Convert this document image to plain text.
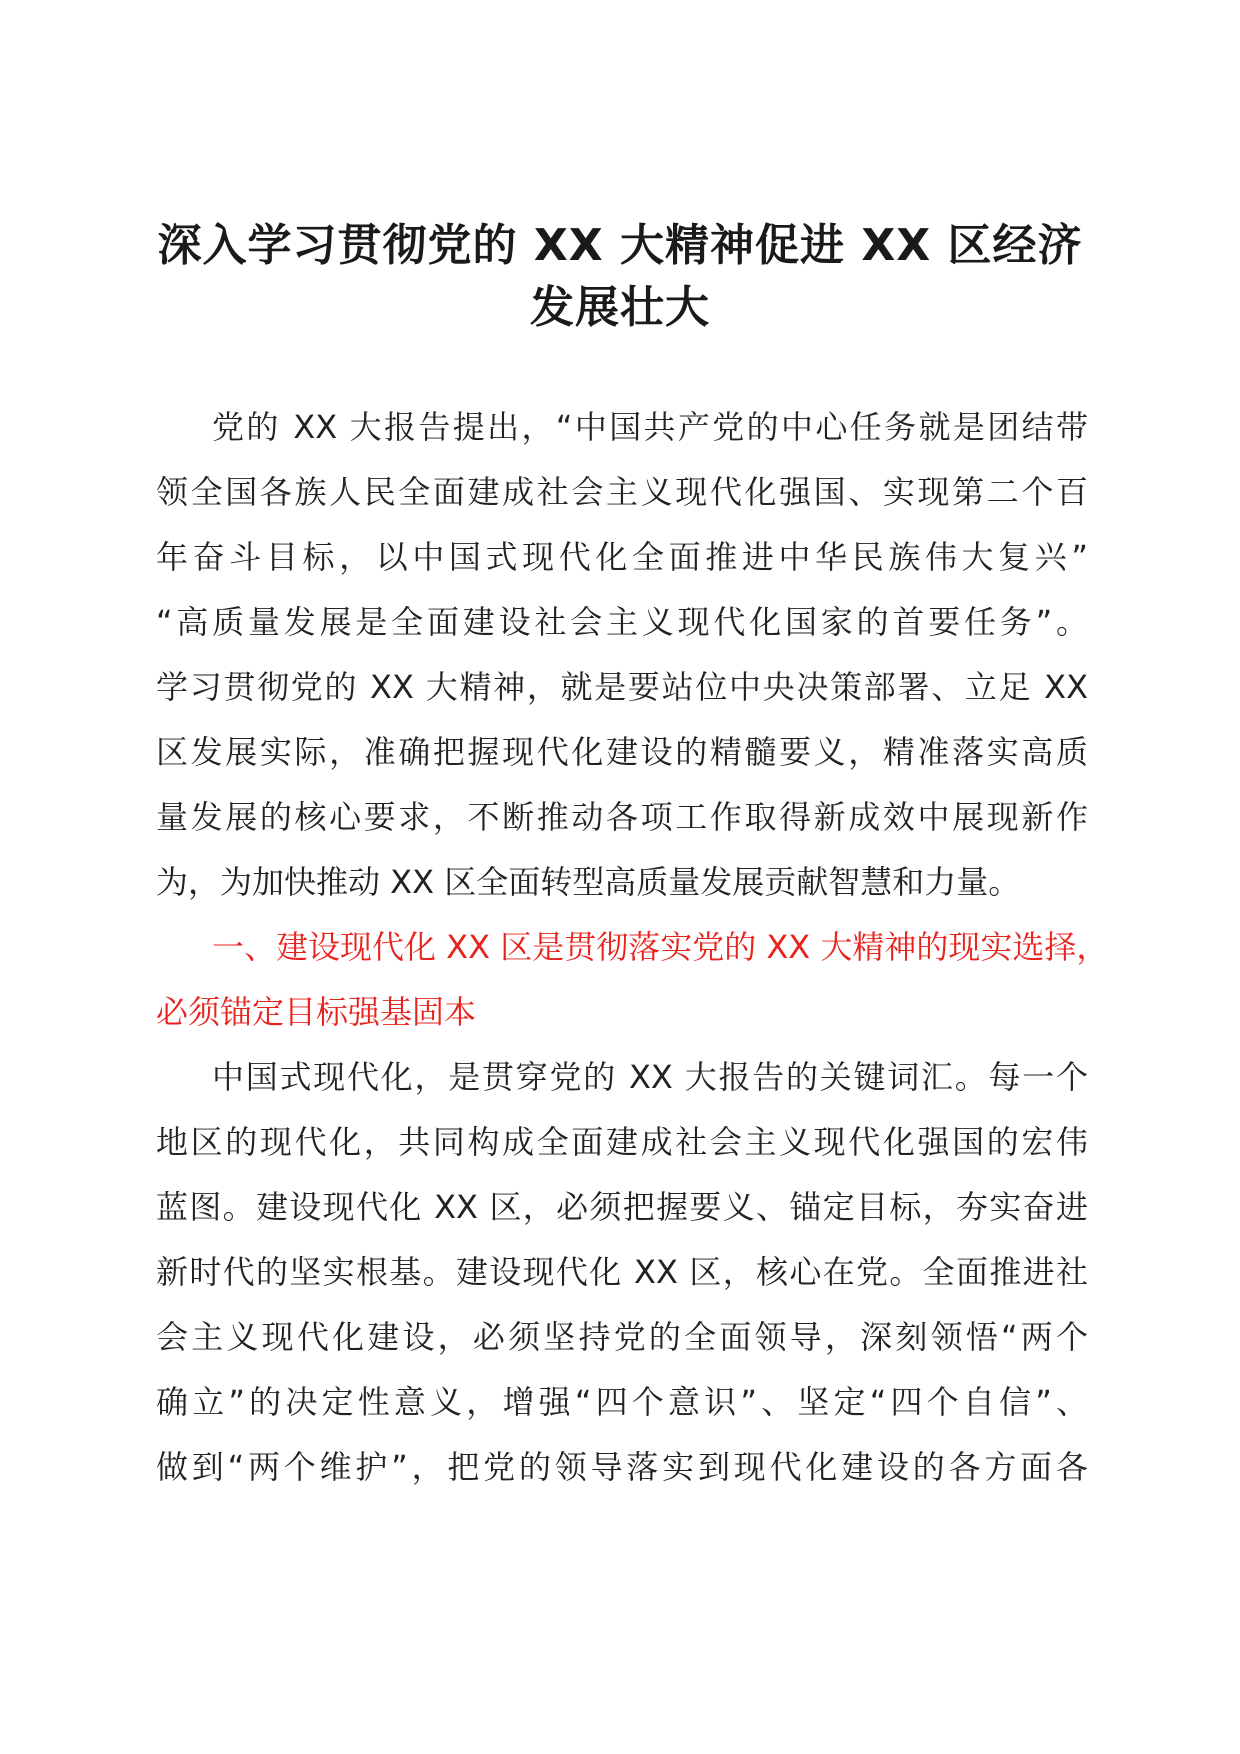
深入学习贯彻党的 XX 大精神促进 XX 区经济
发展壮大
党的 XX 大报告提出，“中国共产党的中心任务就是团结带
领全国各族人民全面建成社会主义现代化强国、实现第二个百
年奋斗目标，以中国式现代化全面推进中华民族伟大复兴”
“高质量发展是全面建设社会主义现代化国家的首要任务”。
学习贯彻党的 XX 大精神，就是要站位中央决策部署、立足 XX
区发展实际，准确把握现代化建设的精髓要义，精准落实高质
量发展的核心要求，不断推动各项工作取得新成效中展现新作
为，为加快推动 XX 区全面转型高质量发展贡献智慧和力量。
一、建设现代化 XX 区是贯彻落实党的 XX 大精神的现实选择，
必须锚定目标强基固本
中国式现代化，是贯穿党的 XX 大报告的关键词汇。每一个
地区的现代化，共同构成全面建成社会主义现代化强国的宏伟
蓝图。建设现代化 XX 区，必须把握要义、锚定目标，夯实奋进
新时代的坚实根基。建设现代化 XX 区，核心在党。全面推进社
会主义现代化建设，必须坚持党的全面领导，深刻领悟“两个
确立”的决定性意义，增强“四个意识”、坚定“四个自信”、
做到“两个维护”，把党的领导落实到现代化建设的各方面各
